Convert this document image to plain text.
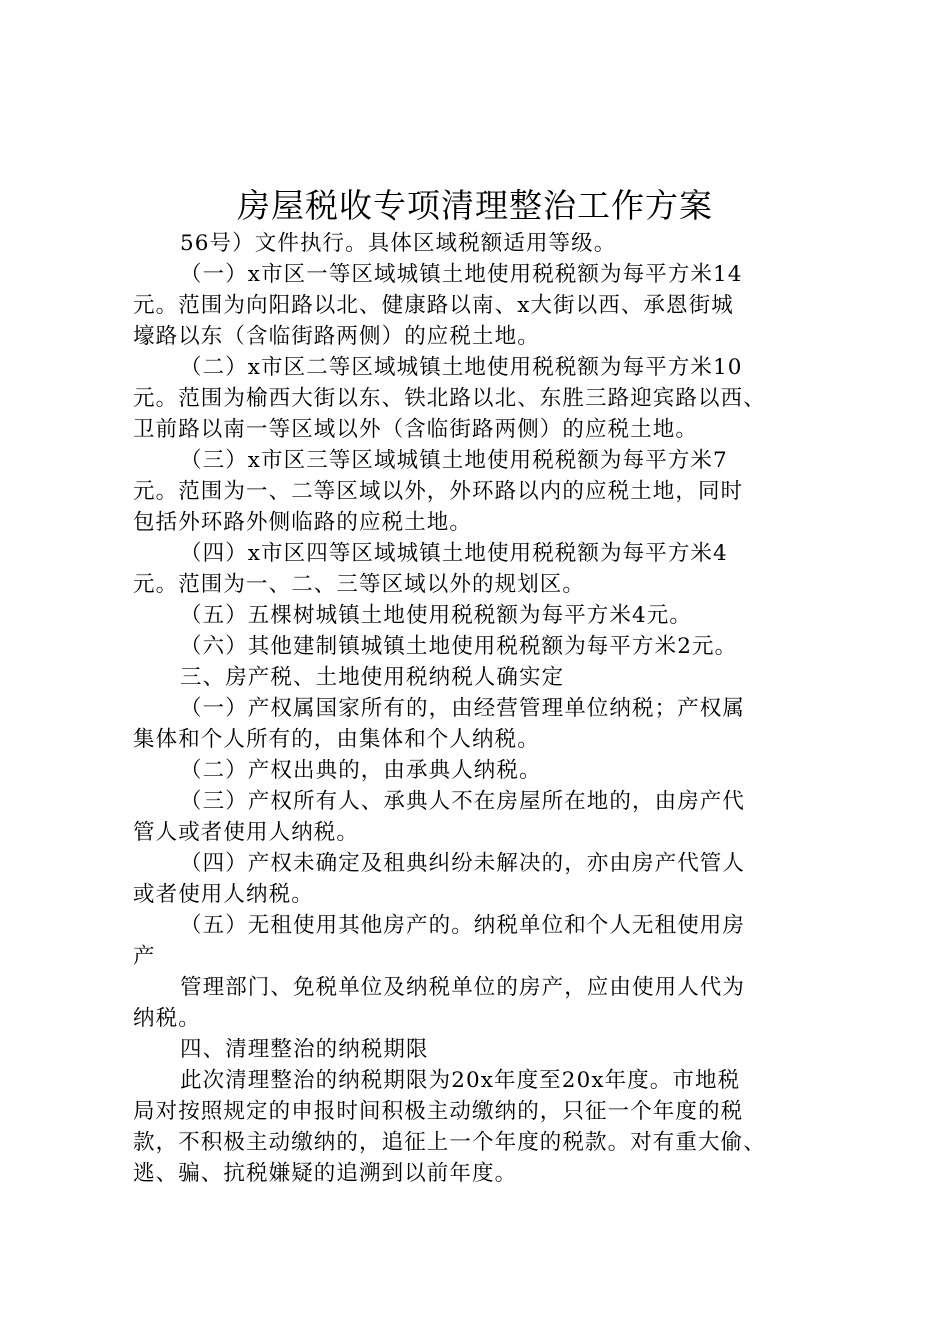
房屋税收专项清理整治工作方案
56号）文件执行。具体区域税额适用等级。
（一）x市区一等区域城镇土地使用税税额为每平方米14
元。范围为向阳路以北、健康路以南、x大街以西、承恩街城
壕路以东（含临街路两侧）的应税土地。
（二）x市区二等区域城镇土地使用税税额为每平方米10
元。范围为榆西大街以东、铁北路以北、东胜三路迎宾路以西、
卫前路以南一等区域以外（含临街路两侧）的应税土地。
（三）x市区三等区域城镇土地使用税税额为每平方米7
元。范围为一、二等区域以外，外环路以内的应税土地，同时
包括外环路外侧临路的应税土地。
（四）x市区四等区域城镇土地使用税税额为每平方米4
元。范围为一、二、三等区域以外的规划区。
（五）五棵树城镇土地使用税税额为每平方米4元。
（六）其他建制镇城镇土地使用税税额为每平方米2元。
三、房产税、土地使用税纳税人确实定
（一）产权属国家所有的，由经营管理单位纳税；产权属
集体和个人所有的，由集体和个人纳税。
（二）产权出典的，由承典人纳税。
（三）产权所有人、承典人不在房屋所在地的，由房产代
管人或者使用人纳税。
（四）产权未确定及租典纠纷未解决的，亦由房产代管人
或者使用人纳税。
（五）无租使用其他房产的。纳税单位和个人无租使用房
产
管理部门、免税单位及纳税单位的房产，应由使用人代为
纳税。
四、清理整治的纳税期限
此次清理整治的纳税期限为20x年度至20x年度。市地税
局对按照规定的申报时间积极主动缴纳的，只征一个年度的税
款，不积极主动缴纳的，追征上一个年度的税款。对有重大偷、
逃、骗、抗税嫌疑的追溯到以前年度。
